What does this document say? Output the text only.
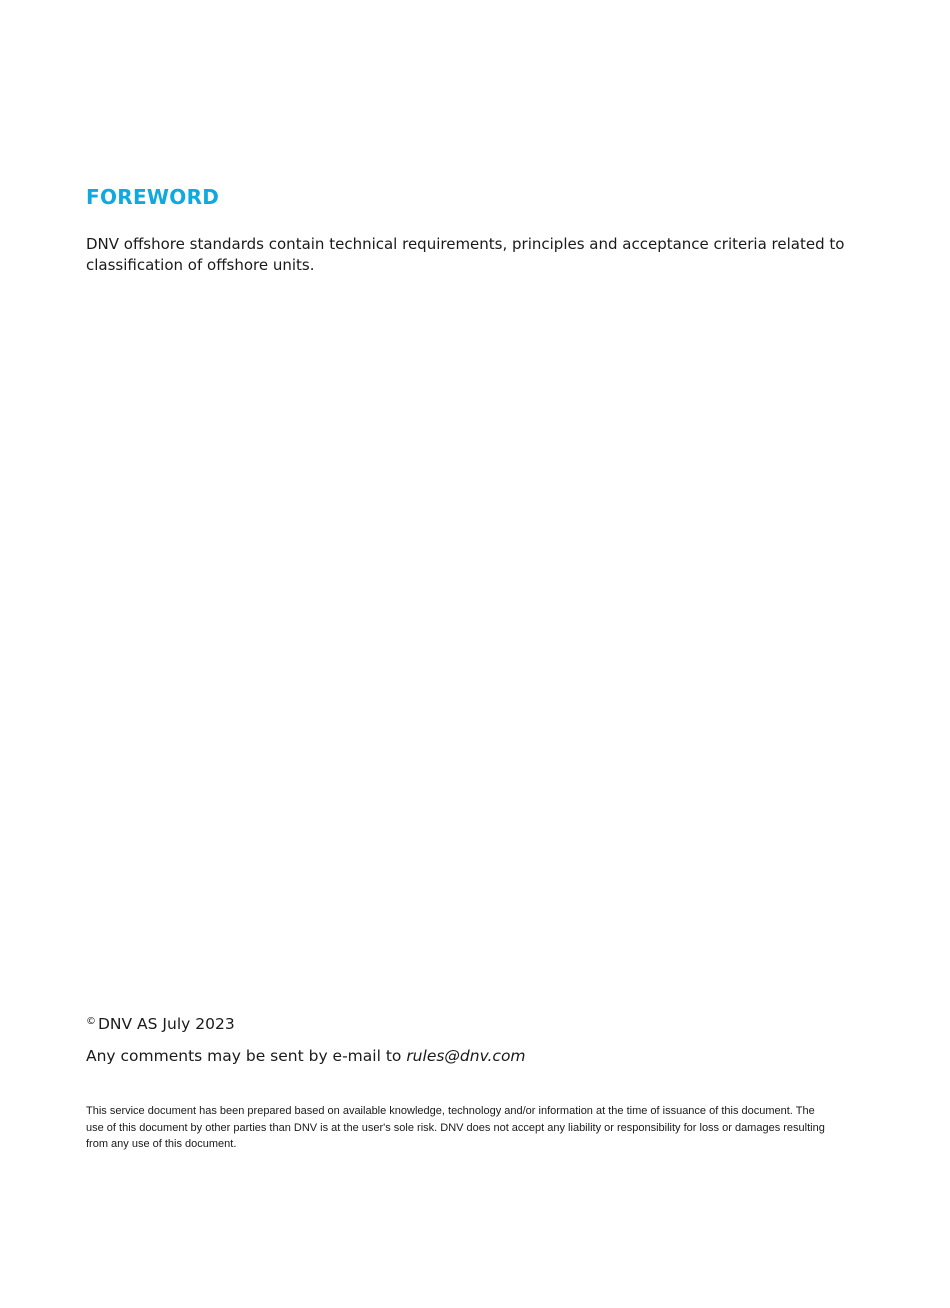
FOREWORD

DNV offshore standards contain technical requirements, principles and acceptance criteria related to classification of offshore units.

© DNV AS July 2023

Any comments may be sent by e-mail to rules@dnv.com

This service document has been prepared based on available knowledge, technology and/or information at the time of issuance of this document. The use of this document by other parties than DNV is at the user's sole risk. DNV does not accept any liability or responsibility for loss or damages resulting from any use of this document.
